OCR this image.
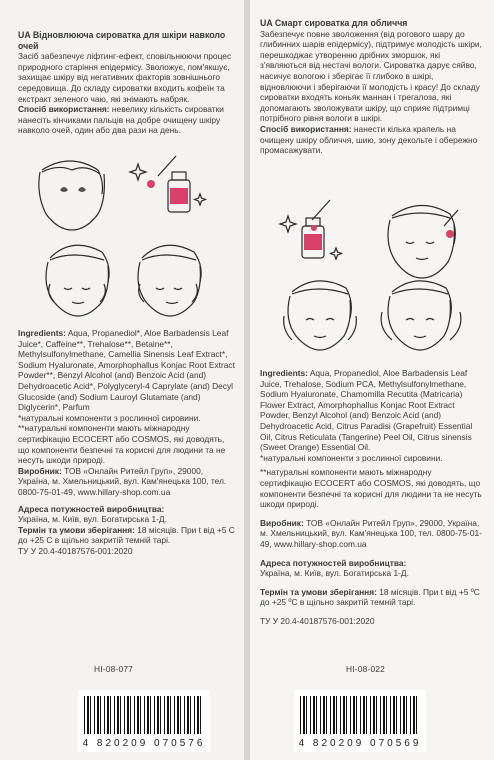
UA Відновлююча сироватка для шкіри навколо очей

Засіб забезпечує ліфтинг-ефект, сповільнюючи процес природного старіння епідерміcу. Зволожує, пом'якшує, захищає шкіру від негативних факторів зовнішнього середовища. До складу сироватки входить кофеїн та екстракт зеленого чаю, які знімають набряк.

Спосіб використання: невелику кількість сироватки нанесіть кінчиками пальців на добре очищену шкіру навколо очей, один або два рази на день.

Ingredients: Aqua, Propanediol*, Aloe Barbadensis Leaf Juice*, Caffeine**, Trehalose**, Betaine**, Methylsulfonylmethane, Camellia Sinensis Leaf Extract*, Sodium Hyaluronate, Amorphophallus Konjac Root Extract Powder**, Benzyl Alcohol (and) Benzoic Acid (and) Dehydroacetic Acid*, Polyglyceryl-4 Caprylate (and) Decyl Glucoside (and) Sodium Lauroyl Glutamate (and) Diglycerin*, Parfum

*натуральні компоненти з рослинної сировини.

**натуральні компоненти мають міжнародну сертифікацію ECOCERT або COSMOS, які доводять, що компоненти безпечні та корисні для людини та не несуть шкоди природі.

Виробник: ТОВ «Онлайн Ритейл Груп», 29000, Україна, м. Хмельницький, вул. Кам'янецька 100, тел. 0800-75-01-49, www.hillary-shop.com.ua

Адреса потужностей виробництва:
Україна, м. Київ, вул. Богатирська 1-Д.

Термін та умови зберігання: 18 місяців. При t від +5 С до +25 С в щільно закритій темній тарі.

ТУ У 20.4-40187576-001:2020

HI-08-077
4 820209 070576

UA Смарт сироватка для обличчя

Забезпечує повне зволоження (від рогового шару до глибинних шарів епідермісу), підтримує молодість шкіри, перешкоджає утворенню дрібних зморшок, які з'являються від нестачі вологи. Сироватка дарує сяйво, насичує вологою і зберігає її глибоко в шкірі, відновлюючи і зберігаючи її молодість і красу! До складу сироватки входять коньяк маннан і трегалоза, які допомагають зволожувати шкіру, що сприяє підтримці потрібного рівня вологи в шкірі.

Спосіб використання: нанести кілька крапель на очищену шкіру обличчя, шию, зону декольте і обережно промасажувати.

Ingredients: Aqua, Propanediol, Aloe Barbadensis Leaf Juice, Trehalose, Sodium PCA, Methylsulfonylmethane, Sodium Hyaluronate, Chamomilla Recutita (Matricaria) Flower Extract, Amorphophallus Konjac Root Extract Powder, Benzyl Alcohol (and) Benzoic Acid (and) Dehydroacetic Acid, Citrus Paradisi (Grapefruit) Essential Oil, Citrus Reticulata (Tangerine) Peel Oil, Citrus sinensis (Sweet Orange) Essential Oil.

*натуральні компоненти з рослинної сировини.

**натуральні компоненти мають міжнародну сертифікацію ECOCERT або COSMOS, які доводять, що компоненти безпечні та корисні для людини та не несуть шкоди природі.

Виробник: ТОВ «Онлайн Ритейл Груп», 29000, Україна, м. Хмельницький, вул. Кам'янецька 100, тел. 0800-75-01-49, www.hillary-shop.com.ua

Адреса потужностей виробництва:
Україна, м. Київ, вул. Богатирська 1-Д.

Термін та умови зберігання: 18 місяців. При t від +5 ºС до +25 ºС в щільно закритій темній тарі.

ТУ У 20.4-40187576-001:2020

HI-08-022
4 820209 070569
